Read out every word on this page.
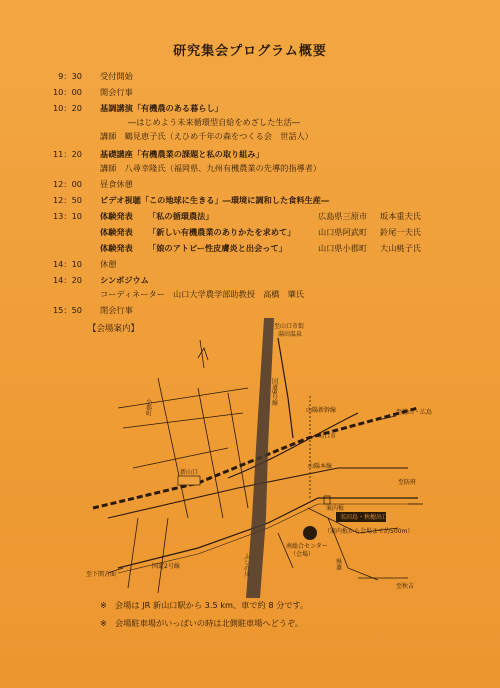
研究集会プログラム概要
9：30 受付開始
10：00 開会行事
10：20 基調講演「有機農のある暮らし」
―はじめよう未来循環型自給をめざした生活―
講師　鶴見恵子氏（えひめ千年の森をつくる会　世話人）
11：20 基礎講座「有機農業の課題と私の取り組み」
講師　八尋幸隆氏（福岡県、九州有機農業の先導的指導者）
12：00 昼食休憩
12：50 ビデオ視聴「この地球に生きる」―環境に調和した食料生産―
13：10 体験発表 「私の循環農法」	広島県三原市 坂本重夫氏
体験発表 「新しい有機農業のありかたを求めて」	山口県阿武町 鈴尾一夫氏
体験発表 「娘のアトピー性皮膚炎と出会って」	山口県小郡町 大山桃子氏
14：10 休憩
14：20 シンポジウム
コーディネーター　山口大学農学部助教授　高橋　肇氏
15：50 閉会行事
【会場案内】	至山口市街
湯田温泉
小郡町	至徳山・広島
山口市
至防府
至下関方面
至秋吉
南総合センター
（会場）
新山口
山陽新幹線
山陽本線
国道2号線
国道9号線
ふしの川
案内板
名田島・秋穂出口
（案内板から会場まで約500m）
県道
※　会場は JR 新山口駅から 3.5 km、車で約 8 分です。
※　会場駐車場がいっぱいの時は北側駐車場へどうぞ。
